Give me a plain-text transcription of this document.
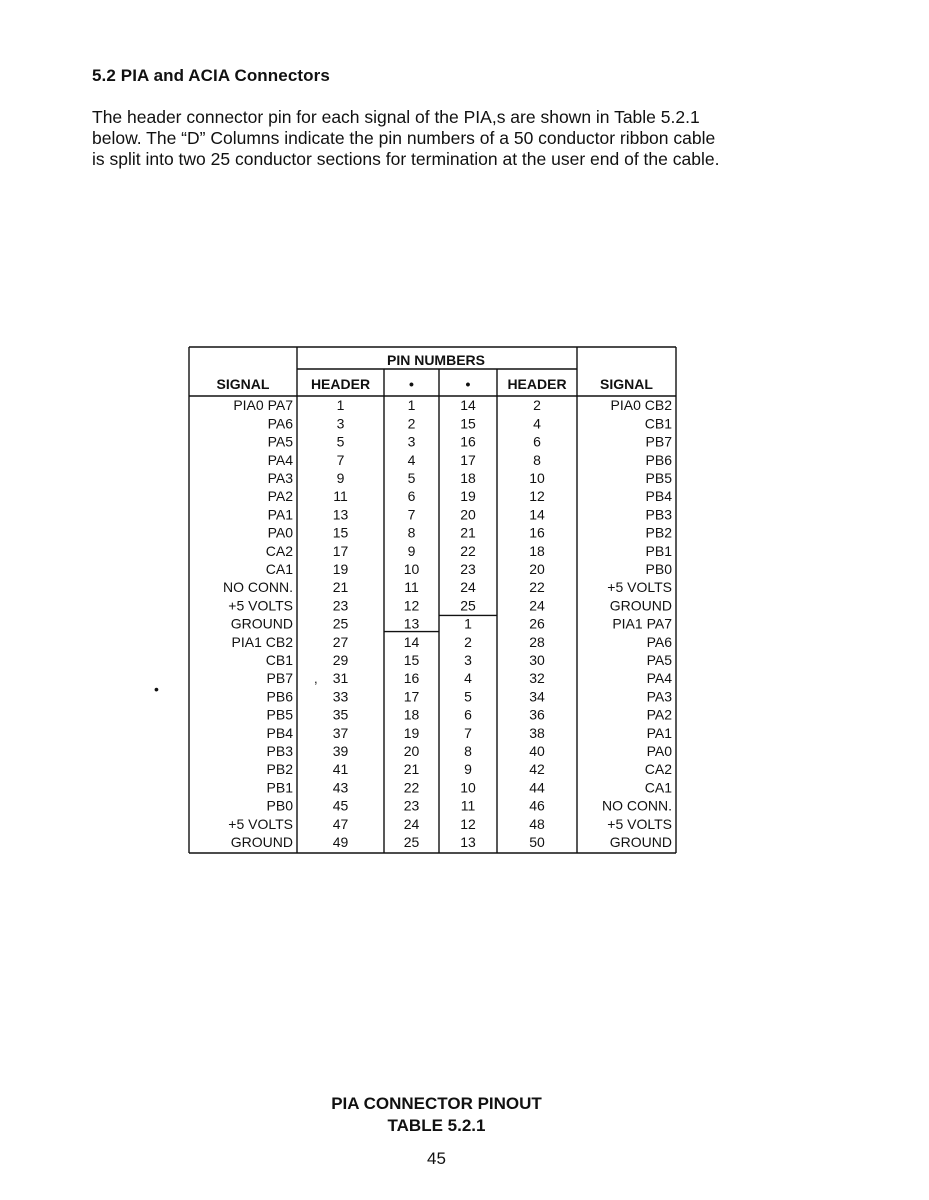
5.2 PIA and ACIA Connectors
The header connector pin for each signal of the PIA,s are shown in Table 5.2.1
below. The “D” Columns indicate the pin numbers of a 50 conductor ribbon cable
is split into two 25 conductor sections for termination at the user end of the cable.
PIN NUMBERS
SIGNAL	HEADER	•	•	HEADER SIGNAL
PIA0 PA7	1	1	14	2	PIA0 CB2
PA6	3	2	15	4	CB1
PA5	5	3	16	6	PB7
PA4	7	4	17	8	PB6
PA3	9	5	18	10	PB5
PA2	11	6	19	12	PB4
PA1	13	7	20	14	PB3
PA0	15	8	21	16	PB2
CA2	17	9	22	18	PB1
CA1	19	10	23	20	PB0
NO CONN.	21	11	24	22	+5 VOLTS
+5 VOLTS	23	12	25	24	GROUND
GROUND	25	13	1	26	PIA1 PA7
PIA1 CB2	27	14	2	28	PA6
CB1	29	15	3	30	PA5
PB7	31	16	4	32	PA4
PB6	33	17	5	34	PA3
PB5	35	18	6	36	PA2
PB4	37	19	7	38	PA1
PB3	39	20	8	40	PA0
PB2	41	21	9	42	CA2
PB1	43	22	10	44	CA1
PB0	45	23	11	46	NO CONN.
+5 VOLTS	47	24	12	48	+5 VOLTS
GROUND	49	25	13	50	GROUND
•
,
PIA CONNECTOR PINOUT
TABLE 5.2.1
45
